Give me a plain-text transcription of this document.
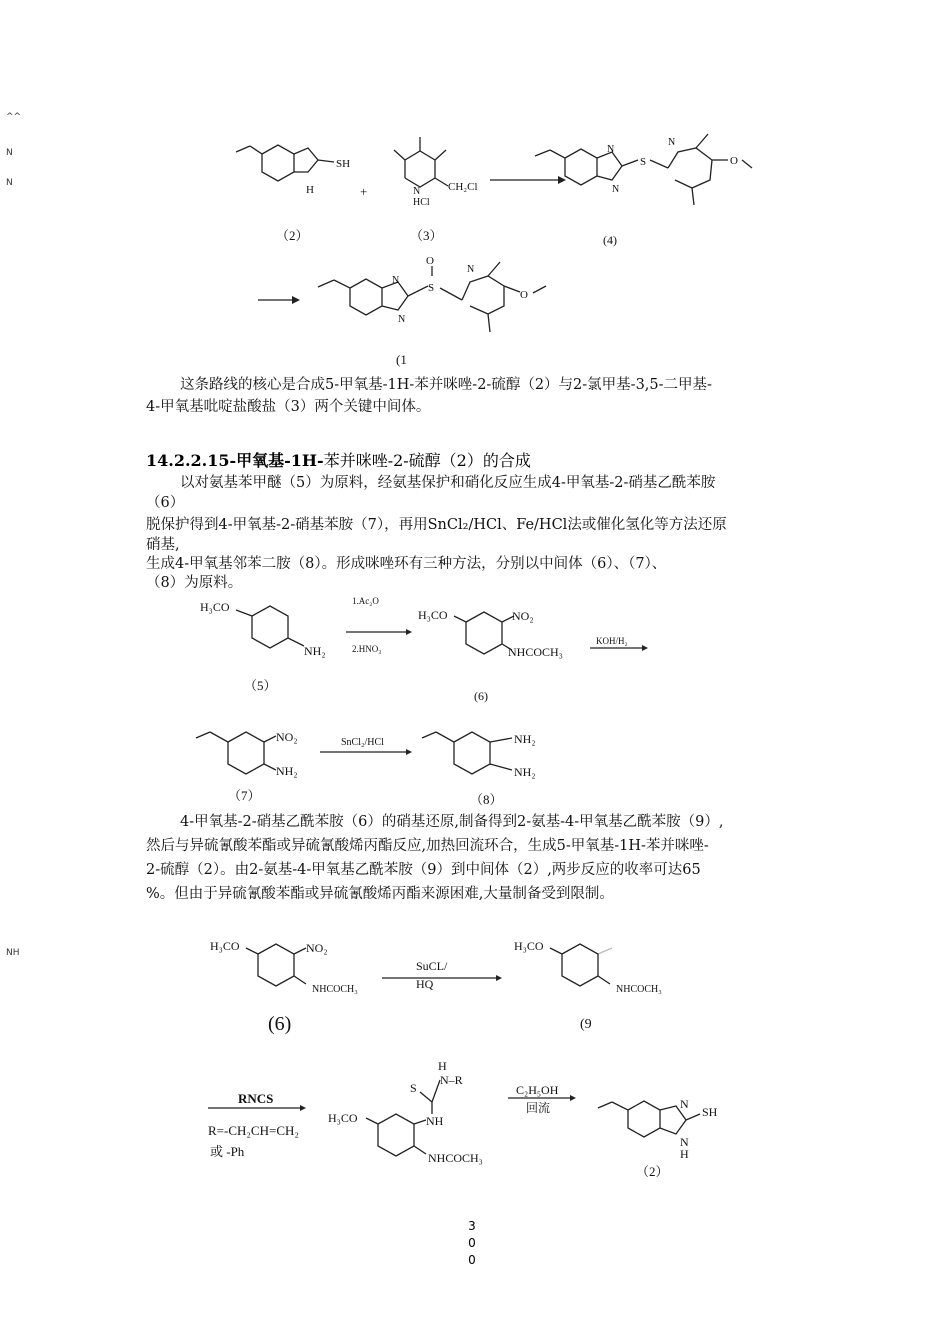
^^
N
N
NH
SH
H	+	N
HCl
CH₂Cl
N
N
S
N
O
（2）	（3）	(4)
N
N
S
O
N
O
(1
这条路线的核心是合成5-甲氧基-1H-苯并咪唑-2-硫醇（2）与2-氯甲基-3,5-二甲基-
4-甲氧基吡啶盐酸盐（3）两个关键中间体。
14.2.2.15-甲氧基-1H-苯并咪唑-2-硫醇（2）的合成
以对氨基苯甲醚（5）为原料，经氨基保护和硝化反应生成4-甲氧基-2-硝基乙酰苯胺
（6）
脱保护得到4-甲氧基-2-硝基苯胺（7），再用SnCl₂/HCl、Fe/HCl法或催化氢化等方法还原
硝基,
生成4-甲氧基邻苯二胺（8）。形成咪唑环有三种方法，分别以中间体（6）、（7）、
（8）为原料。
H₃CO
NH₂
1.Ac₂O
2.HNO₃
H₃CO	NO₂
NHCOCH₃
KOH/H₂
（5）
(6)
NO₂
NH₂
SnCl₂/HCl	NH₂
NH₂
（7）	（8）
4-甲氧基-2-硝基乙酰苯胺（6）的硝基还原,制备得到2-氨基-4-甲氧基乙酰苯胺（9）,
然后与异硫氰酸苯酯或异硫氰酸烯丙酯反应,加热回流环合，生成5-甲氧基-1H-苯并咪唑-
2-硫醇（2）。由2-氨基-4-甲氧基乙酰苯胺（9）到中间体（2）,两步反应的收率可达65
%。但由于异硫氰酸苯酯或异硫氰酸烯丙酯来源困难,大量制备受到限制。
H₃CO	NO₂
NHCOCH₃
SuCL/
HQ
H₃CO
NHCOCH₃
(6)	(9
RNCS
R=-CH₂CH=CH₂
或 -Ph
H
N–R
S
NH
H₃CO
NHCOCH₃
C₂H₅OH
回流	N
N
H
SH
（2）
3
0
0
